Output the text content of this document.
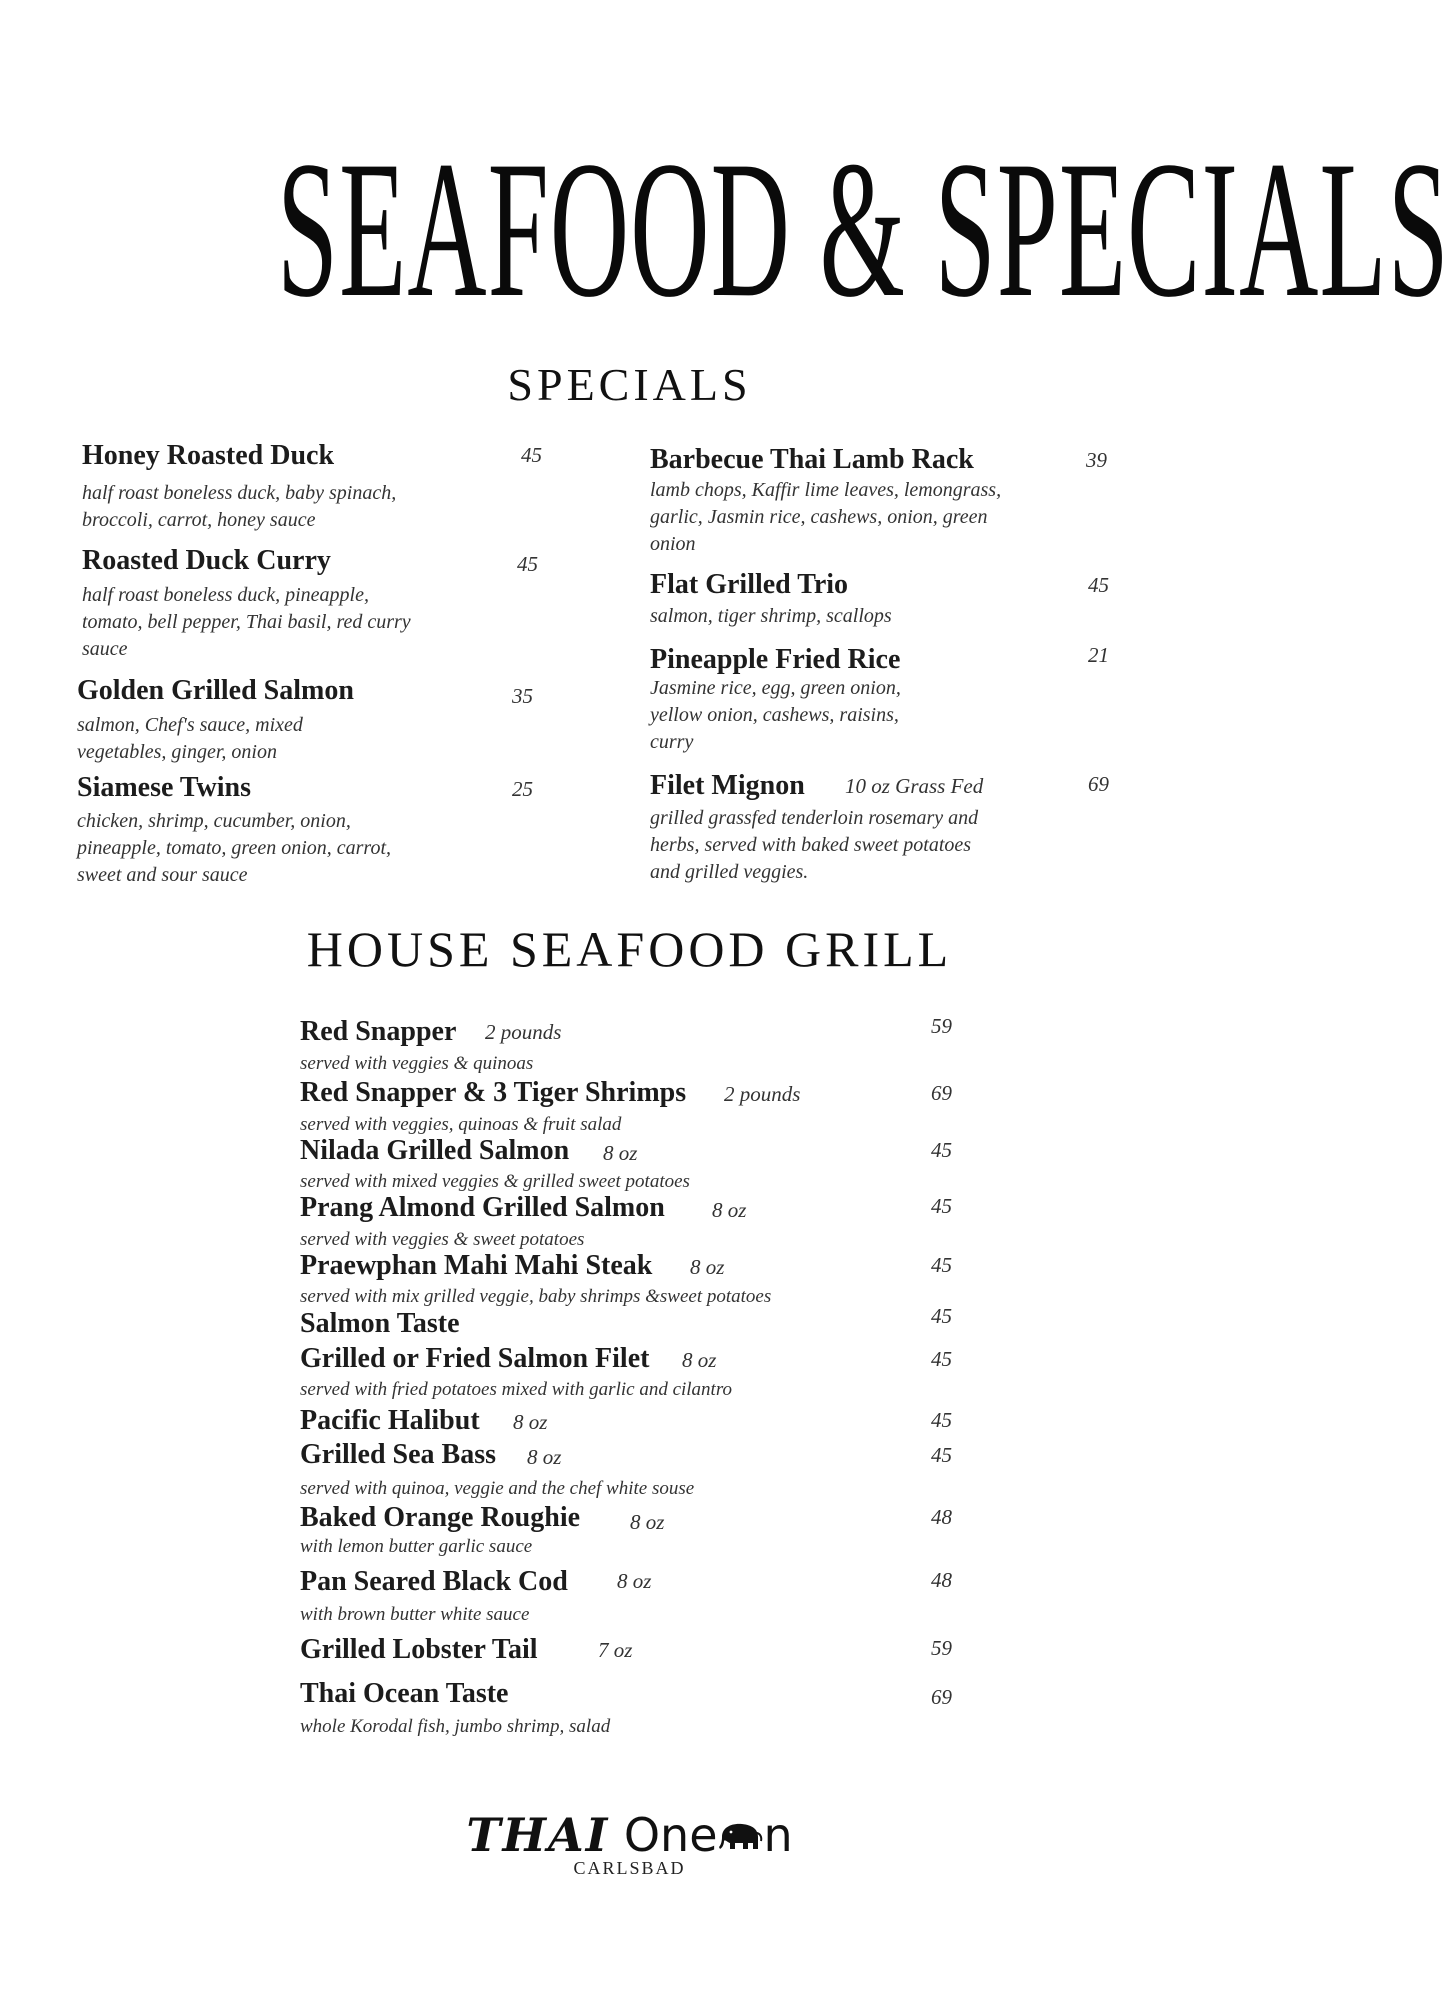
SEAFOOD & SPECIALS
SPECIALS
Honey Roasted Duck	45
half roast boneless duck, baby spinach, broccoli, carrot, honey sauce
Roasted Duck Curry	45
half roast boneless duck, pineapple, tomato, bell pepper, Thai basil, red curry sauce
Golden Grilled Salmon	35
salmon, Chef's sauce, mixed vegetables, ginger, onion
Siamese Twins	25
chicken, shrimp, cucumber, onion, pineapple, tomato, green onion, carrot, sweet and sour sauce
Barbecue Thai Lamb Rack	39
lamb chops, Kaffir lime leaves, lemongrass, garlic, Jasmin rice, cashews, onion, green onion
Flat Grilled Trio	45
salmon, tiger shrimp, scallops
Pineapple Fried Rice	21
Jasmine rice, egg, green onion, yellow onion, cashews, raisins, curry
Filet Mignon 10 oz Grass Fed	69
grilled grassfed tenderloin rosemary and herbs, served with baked sweet potatoes and grilled veggies.
HOUSE SEAFOOD GRILL
Red Snapper 2 pounds	59
served with veggies & quinoas
Red Snapper & 3 Tiger Shrimps 2 pounds	69
served with veggies, quinoas & fruit salad
Nilada Grilled Salmon 8 oz	45
served with mixed veggies & grilled sweet potatoes
Prang Almond Grilled Salmon 8 oz	45
served with veggies & sweet potatoes
Praewphan Mahi Mahi Steak 8 oz	45
served with mix grilled veggie, baby shrimps &sweet potatoes
Salmon Taste	45
Grilled or Fried Salmon Filet 8 oz	45
served with fried potatoes mixed with garlic and cilantro
Pacific Halibut 8 oz	45
Grilled Sea Bass 8 oz	45
served with quinoa, veggie and the chef white souse
Baked Orange Roughie 8 oz	48
with lemon butter garlic sauce
Pan Seared Black Cod 8 oz	48
with brown butter white sauce
Grilled Lobster Tail	7 oz	59
Thai Ocean Taste	69
whole Korodal fish, jumbo shrimp, salad
THAI One n
CARLSBAD
